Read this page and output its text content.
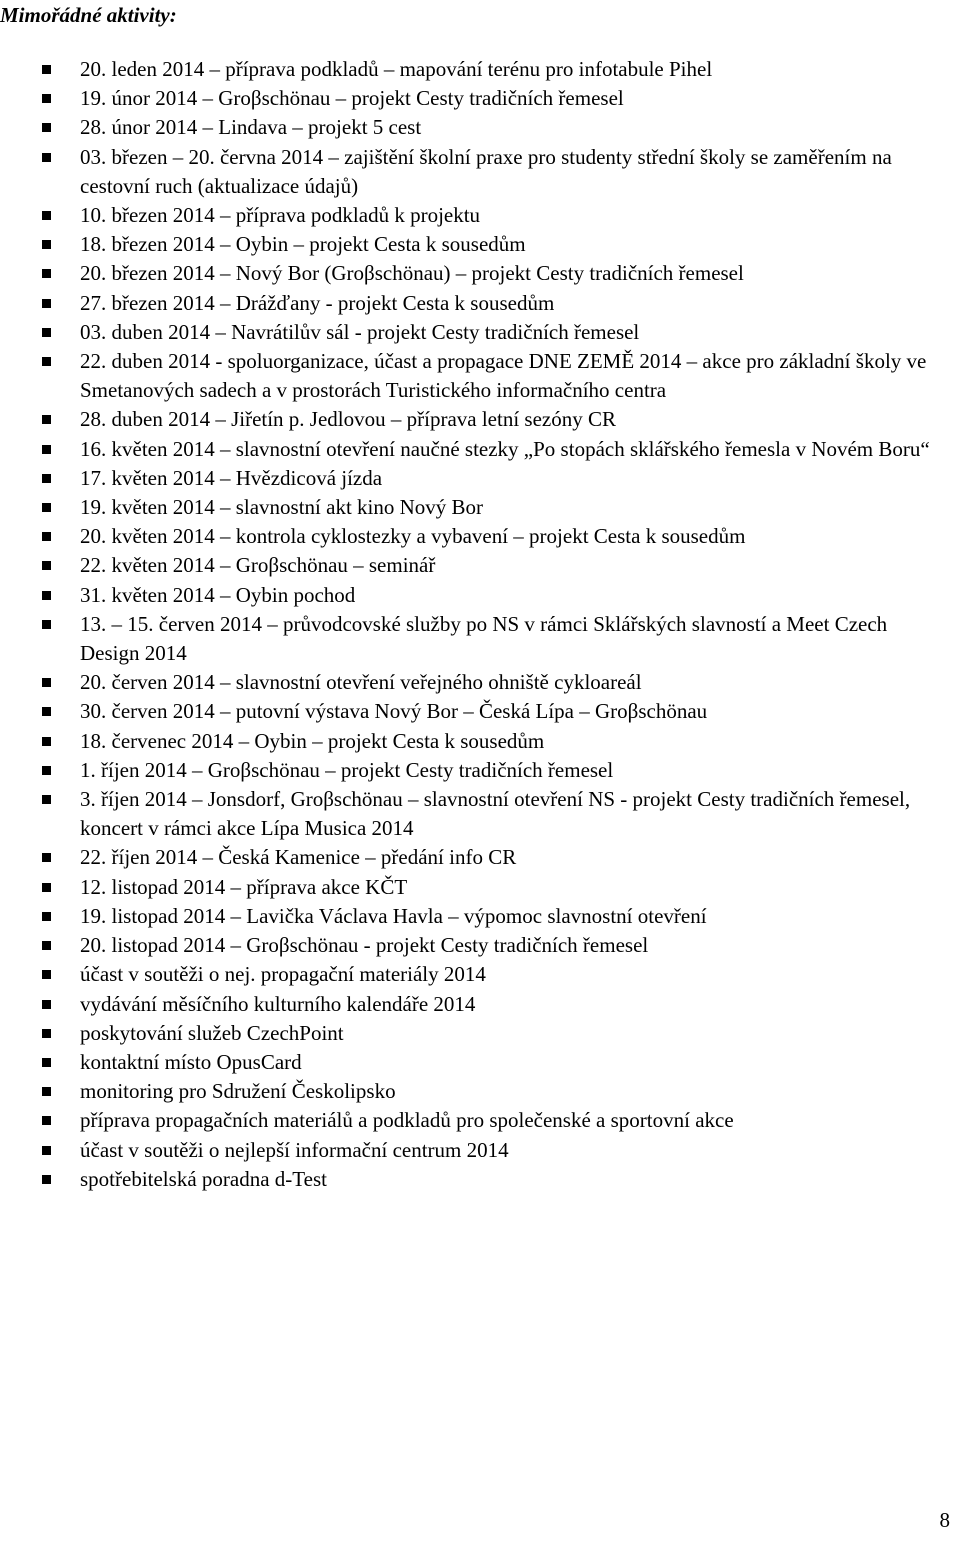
Mimořádné aktivity:
20. leden 2014 – příprava podkladů – mapování terénu pro infotabule Pihel
19. únor 2014 – Groβschönau – projekt Cesty tradičních řemesel
28. únor 2014 – Lindava – projekt 5 cest
03. březen – 20. června 2014 – zajištění školní praxe pro studenty střední školy se zaměřením na cestovní ruch (aktualizace údajů)
10. březen 2014 – příprava podkladů k projektu
18. březen 2014 – Oybin – projekt Cesta k sousedům
20. březen 2014 – Nový Bor (Groβschönau) – projekt Cesty tradičních řemesel
27. březen 2014 – Drážďany - projekt Cesta k sousedům
03. duben 2014 – Navrátilův sál - projekt Cesty tradičních řemesel
22. duben 2014 - spoluorganizace, účast a propagace DNE ZEMĚ 2014 – akce pro základní školy ve Smetanových sadech a v prostorách Turistického informačního centra
28. duben 2014 – Jiřetín p. Jedlovou – příprava letní sezóny CR
16. květen 2014 – slavnostní otevření naučné stezky „Po stopách sklářského řemesla v Novém Boru“
17. květen 2014 – Hvězdicová jízda
19. květen 2014 – slavnostní akt kino Nový Bor
20. květen 2014 – kontrola cyklostezky a vybavení – projekt Cesta k sousedům
22. květen 2014 – Groβschönau – seminář
31. květen 2014 – Oybin pochod
13. – 15. červen 2014 – průvodcovské služby po NS v rámci Sklářských slavností a Meet Czech Design 2014
20. červen 2014 – slavnostní otevření veřejného ohniště cykloareál
30. červen 2014 – putovní výstava Nový Bor – Česká Lípa – Groβschönau
18. červenec 2014 – Oybin – projekt Cesta k sousedům
1. říjen 2014 – Groβschönau – projekt Cesty tradičních řemesel
3. říjen 2014 – Jonsdorf, Groβschönau – slavnostní otevření NS - projekt Cesty tradičních řemesel, koncert v rámci akce Lípa Musica 2014
22. říjen 2014 – Česká Kamenice – předání info CR
12. listopad 2014 – příprava akce KČT
19. listopad 2014 – Lavička Václava Havla – výpomoc slavnostní otevření
20. listopad 2014 – Groβschönau - projekt Cesty tradičních řemesel
účast v soutěži o nej. propagační materiály 2014
vydávání měsíčního kulturního kalendáře 2014
poskytování služeb CzechPoint
kontaktní místo OpusCard
monitoring pro Sdružení Českolipsko
příprava propagačních materiálů a podkladů pro společenské a sportovní akce
účast v soutěži o nejlepší informační centrum 2014
spotřebitelská poradna d-Test
8
